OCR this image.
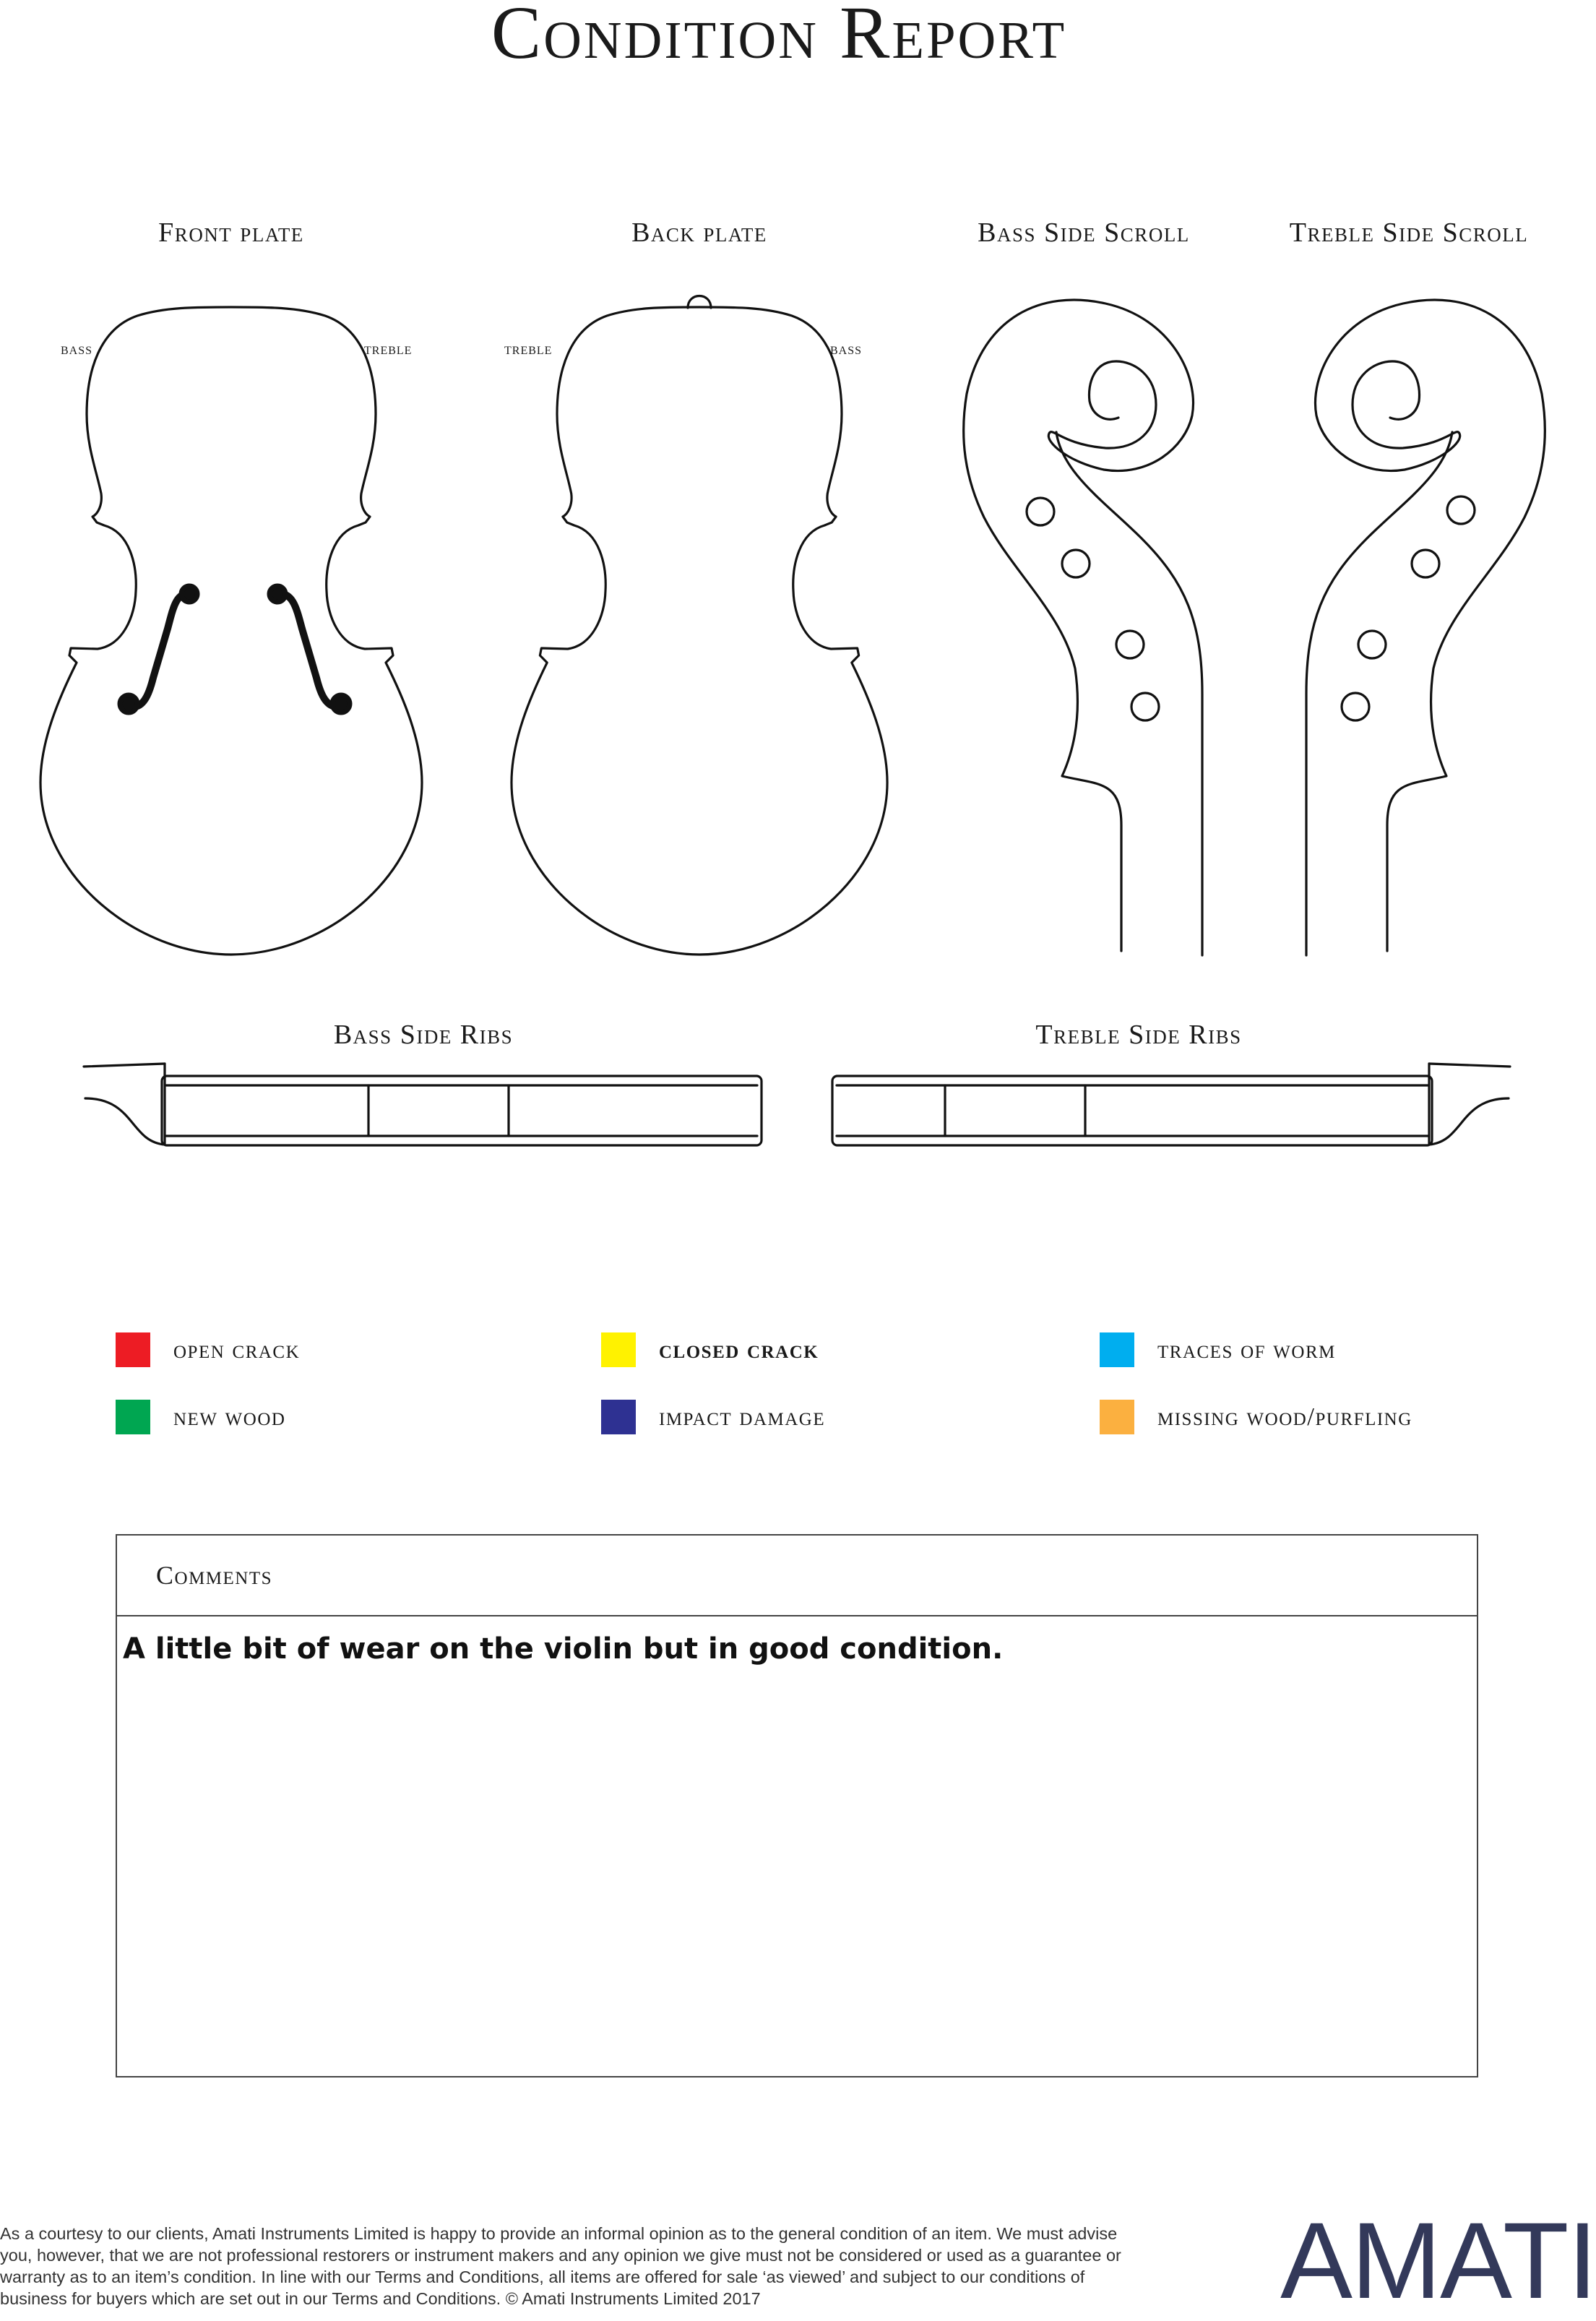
Condition Report
Front plate	Back plate	Bass Side Scroll	Treble Side Scroll
Bass Side Ribs	Treble Side Ribs
bass	treble	treble	bass
open crack	closed crack	traces of worm
new wood	impact damage	missing wood/purfling
Comments
A little bit of wear on the violin but in good condition.
As a courtesy to our clients, Amati Instruments Limited is happy to provide an informal opinion as to the general condition of an item. We must advise you, however, that we are not professional restorers or instrument makers and any opinion we give must not be considered or used as a guarantee or warranty as to an item’s condition. In line with our Terms and Conditions, all items are offered for sale ‘as viewed’ and subject to our conditions of business for buyers which are set out in our Terms and Conditions. © Amati Instruments Limited 2017	AMATI
